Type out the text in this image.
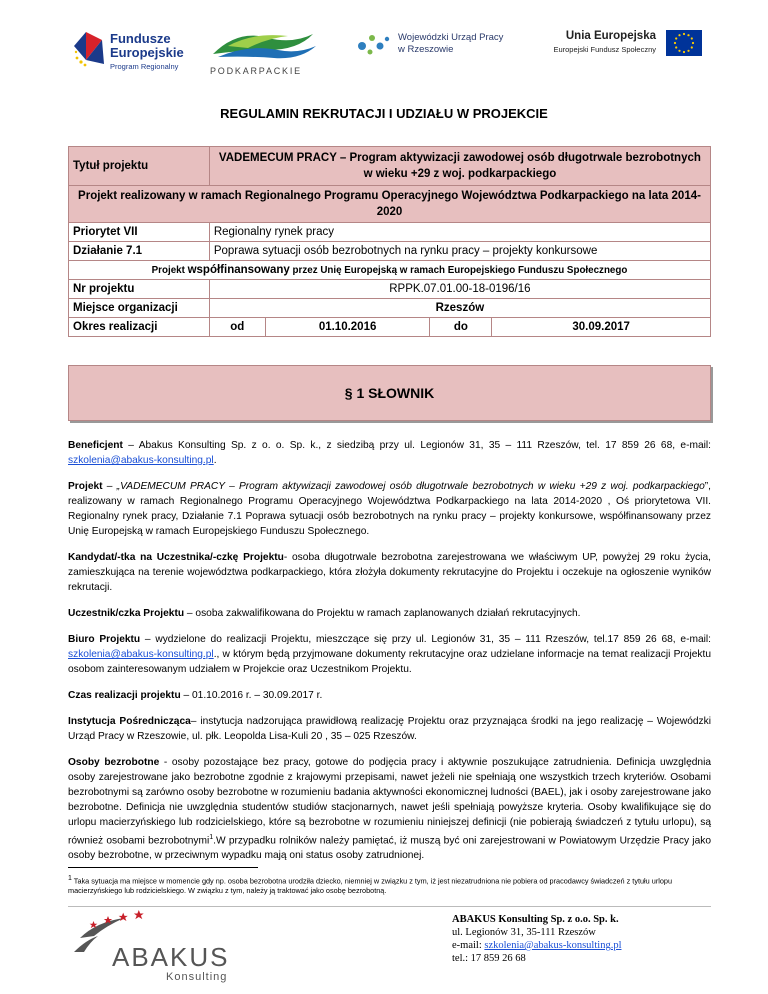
Fundusze
Europejskie
Program Regionalny	PODKARPACKIE
Wojewódzki Urząd Pracy
w Rzeszowie
Unia Europejska
Europejski Fundusz Społeczny
REGULAMIN REKRUTACJI I UDZIAŁU W PROJEKCIE
Tytuł projektu	VADEMECUM PRACY – Program aktywizacji zawodowej osób długotrwale bezrobotnych w wieku +29 z woj. podkarpackiego			
Projekt realizowany w ramach Regionalnego Programu Operacyjnego Województwa Podkarpackiego na lata 2014-2020				
Priorytet VII	Regionalny rynek pracy			
Działanie 7.1	Poprawa sytuacji osób bezrobotnych na rynku pracy – projekty konkursowe			
Projekt współfinansowany przez Unię Europejską w ramach Europejskiego Funduszu Społecznego				
Nr projektu	RPPK.07.01.00-18-0196/16			
Miejsce organizacji	Rzeszów			
Okres realizacji	od	01.10.2016	do	30.09.2017
§ 1 SŁOWNIK

Beneficjent – Abakus Konsulting Sp. z o. o. Sp. k., z siedzibą przy ul. Legionów 31, 35 – 111 Rzeszów, tel. 17 859 26 68, e-mail: szkolenia@abakus-konsulting.pl.

Projekt – „VADEMECUM PRACY – Program aktywizacji zawodowej osób długotrwale bezrobotnych w wieku +29 z woj. podkarpackiego”, realizowany w ramach Regionalnego Programu Operacyjnego Województwa Podkarpackiego na lata 2014-2020 , Oś priorytetowa VII. Regionalny rynek pracy, Działanie 7.1 Poprawa sytuacji osób bezrobotnych na rynku pracy – projekty konkursowe, współfinansowany przez Unię Europejską w ramach Europejskiego Funduszu Społecznego.

Kandydat/-tka na Uczestnika/-czkę Projektu- osoba długotrwale bezrobotna zarejestrowana we właściwym UP, powyżej 29 roku życia, zamieszkująca na terenie województwa podkarpackiego, która złożyła dokumenty rekrutacyjne do Projektu i oczekuje na ogłoszenie wyników rekrutacji.

Uczestnik/czka Projektu – osoba zakwalifikowana do Projektu w ramach zaplanowanych działań rekrutacyjnych.

Biuro Projektu – wydzielone do realizacji Projektu, mieszczące się przy ul. Legionów 31, 35 – 111 Rzeszów, tel.17 859 26 68, e-mail: szkolenia@abakus-konsulting.pl., w którym będą przyjmowane dokumenty rekrutacyjne oraz udzielane informacje na temat realizacji Projektu osobom zainteresowanym udziałem w Projekcie oraz Uczestnikom Projektu.

Czas realizacji projektu – 01.10.2016 r. – 30.09.2017 r.

Instytucja Pośrednicząca– instytucja nadzorująca prawidłową realizację Projektu oraz przyznająca środki na jego realizację – Wojewódzki Urząd Pracy w Rzeszowie, ul. płk. Leopolda Lisa-Kuli 20 , 35 – 025 Rzeszów.

Osoby bezrobotne - osoby pozostające bez pracy, gotowe do podjęcia pracy i aktywnie poszukujące zatrudnienia. Definicja uwzględnia osoby zarejestrowane jako bezrobotne zgodnie z krajowymi przepisami, nawet jeżeli nie spełniają one wszystkich trzech kryteriów. Osobami bezrobotnymi są zarówno osoby bezrobotne w rozumieniu badania aktywności ekonomicznej ludności (BAEL), jak i osoby zarejestrowane jako bezrobotne. Definicja nie uwzględnia studentów studiów stacjonarnych, nawet jeśli spełniają powyższe kryteria. Osoby kwalifikujące się do urlopu macierzyńskiego lub rodzicielskiego, które są bezrobotne w rozumieniu niniejszej definicji (nie pobierają świadczeń z tytułu urlopu), są również osobami bezrobotnymi$^1$.W przypadku rolników należy pamiętać, iż muszą być oni zarejestrowani w Powiatowym Urzędzie Pracy jako osoby bezrobotne, w przeciwnym wypadku mają oni status osoby zatrudnionej.

$^1$ Taka sytuacja ma miejsce w momencie gdy np. osoba bezrobotna urodziła dziecko, niemniej w związku z tym, iż jest niezatrudniona nie pobiera od pracodawcy świadczeń z tytułu urlopu macierzyńskiego lub rodzicielskiego. W związku z tym, należy ją traktować jako osobę bezrobotną.
ABAKUS
Konsulting
ABAKUS Konsulting Sp. z o.o. Sp. k.
ul. Legionów 31, 35-111 Rzeszów
e-mail: szkolenia@abakus-konsulting.pl
tel.: 17 859 26 68
